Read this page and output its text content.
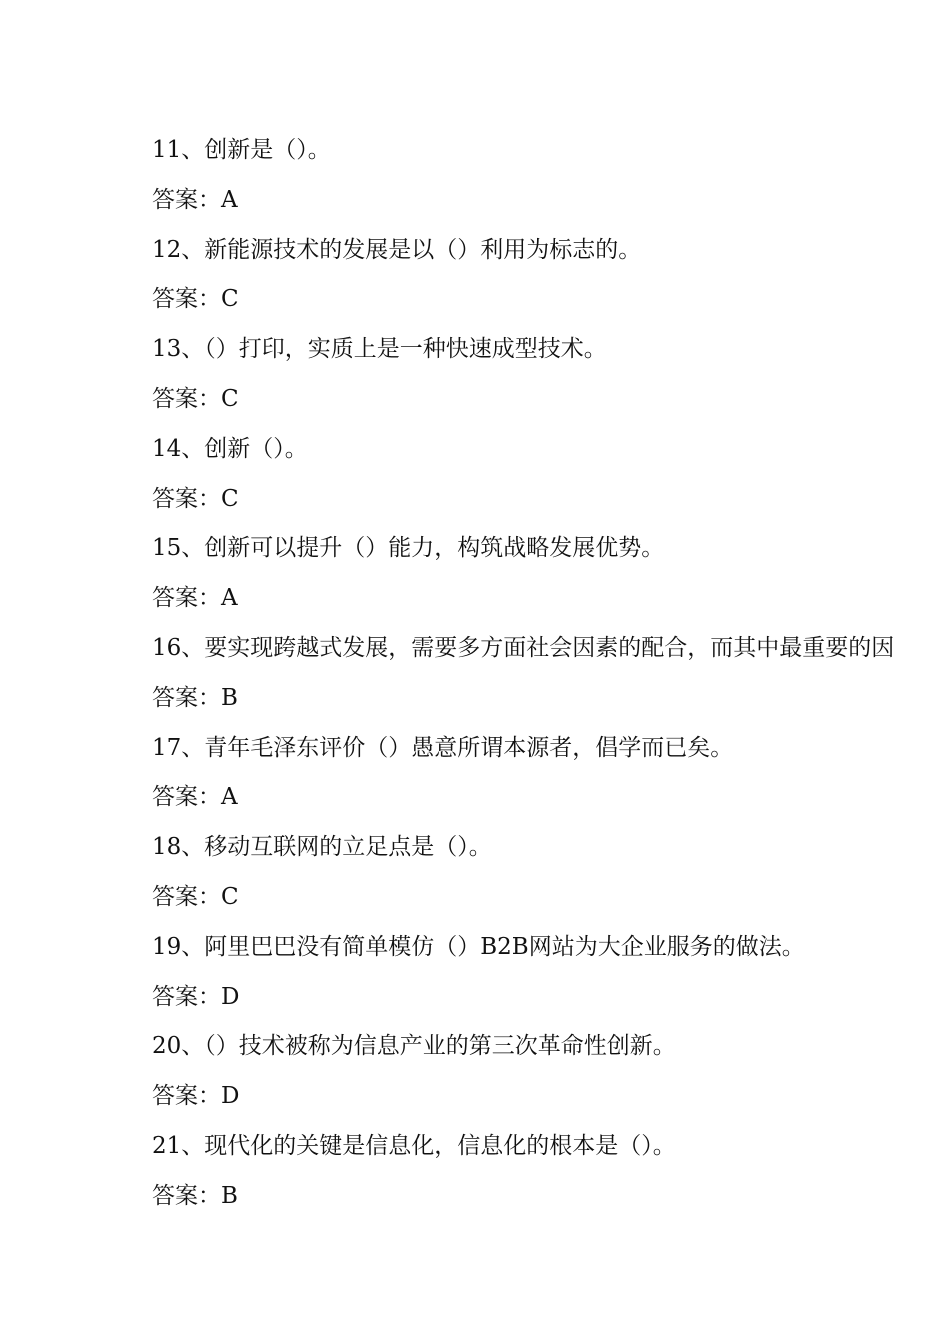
11、创新是（）。
答案：A
12、新能源技术的发展是以（）利用为标志的。
答案：C
13、（）打印，实质上是一种快速成型技术。
答案：C
14、创新（）。
答案：C
15、创新可以提升（）能力，构筑战略发展优势。
答案：A
16、要实现跨越式发展，需要多方面社会因素的配合，而其中最重要的因
答案：B
17、青年毛泽东评价（）愚意所谓本源者，倡学而已矣。
答案：A
18、移动互联网的立足点是（）。
答案：C
19、阿里巴巴没有简单模仿（）B2B网站为大企业服务的做法。
答案：D
20、（）技术被称为信息产业的第三次革命性创新。
答案：D
21、现代化的关键是信息化，信息化的根本是（）。
答案：B
